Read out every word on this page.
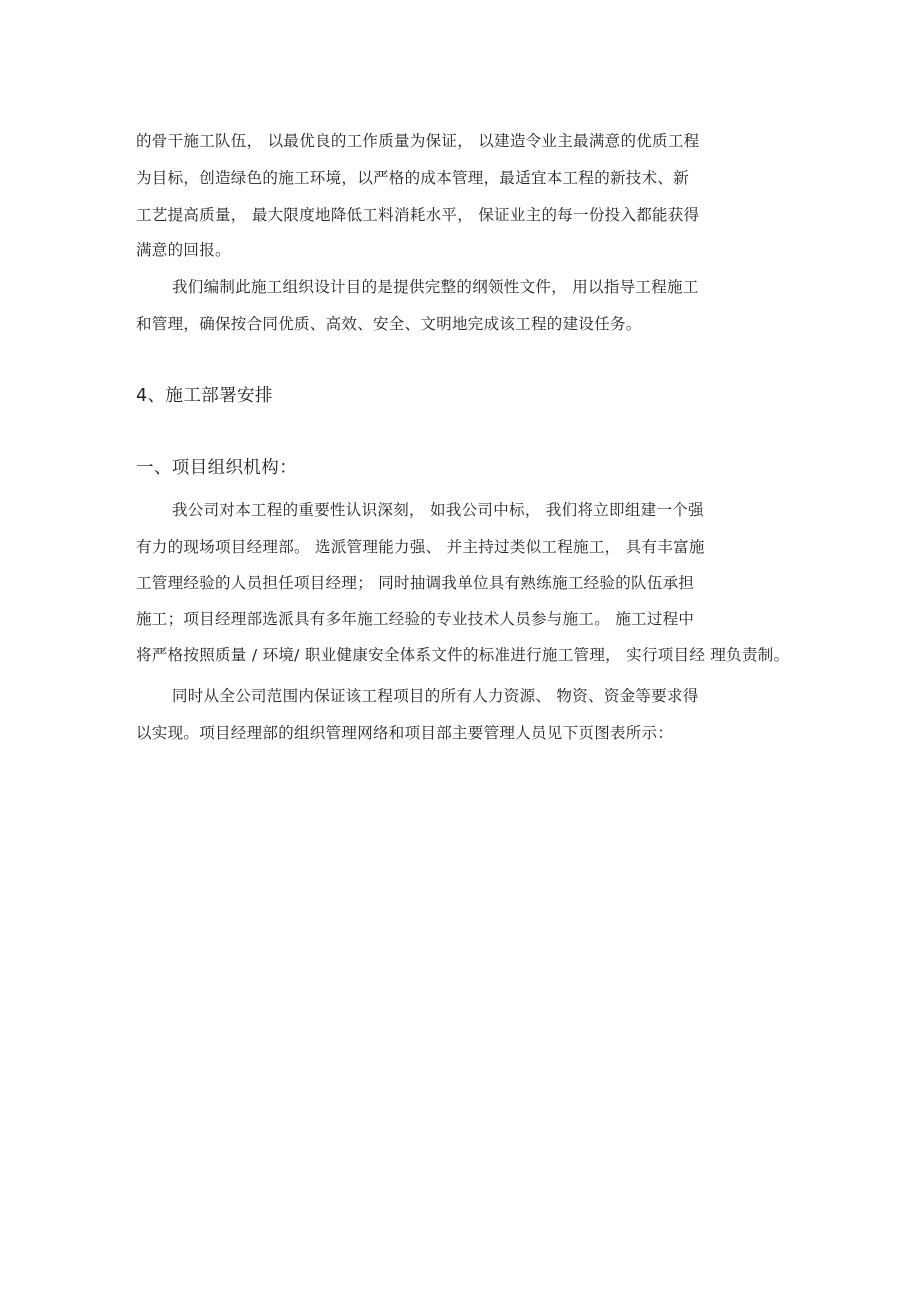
的骨干施工队伍， 以最优良的工作质量为保证， 以建造令业主最满意的优质工程
为目标，创造绿色的施工环境，以严格的成本管理，最适宜本工程的新技术、新
工艺提高质量， 最大限度地降低工料消耗水平， 保证业主的每一份投入都能获得
满意的回报。
我们编制此施工组织设计目的是提供完整的纲领性文件， 用以指导工程施工
和管理，确保按合同优质、高效、安全、文明地完成该工程的建设任务。
4、施工部署安排
一、项目组织机构：
我公司对本工程的重要性认识深刻， 如我公司中标， 我们将立即组建一个强
有力的现场项目经理部。 选派管理能力强、 并主持过类似工程施工， 具有丰富施
工管理经验的人员担任项目经理； 同时抽调我单位具有熟练施工经验的队伍承担
施工；项目经理部选派具有多年施工经验的专业技术人员参与施工。 施工过程中
将严格按照质量 / 环境/ 职业健康安全体系文件的标准进行施工管理， 实行项目经 理负责制。
同时从全公司范围内保证该工程项目的所有人力资源、 物资、资金等要求得
以实现。项目经理部的组织管理网络和项目部主要管理人员见下页图表所示：
